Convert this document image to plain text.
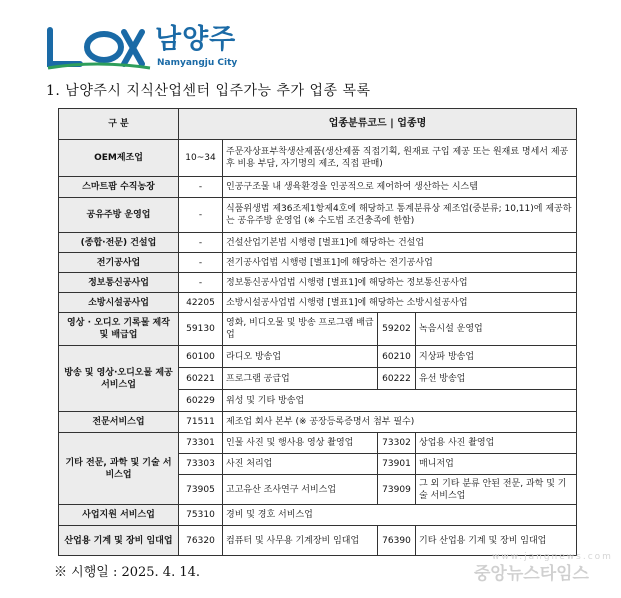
남양주
Namyangju City
1. 남양주시 지식산업센터 입주가능 추가 업종 목록
구 분	업종분류코드 | 업종명			
OEM제조업	10~34	주문자상표부착생산제품(생산제품 직접기획, 원재료 구입 제공 또는 원재료 명세서 제공 후 비용 부담, 자기명의 제조, 직접 판매)		
스마트팜 수직농장	-	인공구조물 내 생육환경을 인공적으로 제어하여 생산하는 시스템		
공유주방 운영업	-	식품위생법 제36조제1항제4호에 해당하고 통계분류상 제조업(중분류; 10,11)에 제공하는 공유주방 운영업 (※ 수도법 조건충족에 한함)		
(종합·전문) 건설업	-	건설산업기본법 시행령 [별표1]에 해당하는 건설업		
전기공사업	-	전기공사업법 시행령 [별표1]에 해당하는 전기공사업		
정보통신공사업	-	정보통신공사업법 시행령 [별표1]에 해당하는 정보통신공사업		
소방시설공사업	42205	소방시설공사업법 시행령 [별표1]에 해당하는 소방시설공사업		
영상 · 오디오 기록물 제작 및 배급업	59130	영화, 비디오물 및 방송 프로그램 배급업	59202	녹음시설 운영업
방송 및 영상·오디오물 제공 서비스업	60100	라디오 방송업	60210	지상파 방송업
	60221	프로그램 공급업	60222	유선 방송업
	60229	위성 및 기타 방송업		
전문서비스업	71511	제조업 회사 본부 (※ 공장등록증명서 첨부 필수)		
기타 전문, 과학 및 기술 서비스업	73301	인물 사진 및 행사용 영상 촬영업	73302	상업용 사진 촬영업
	73303	사진 처리업	73901	매니저업
	73905	고고유산 조사연구 서비스업	73909	그 외 기타 분류 안된 전문, 과학 및 기술 서비스업
사업지원 서비스업	75310	경비 및 경호 서비스업		
산업용 기계 및 장비 임대업	76320	컴퓨터 및 사무용 기계장비 임대업	76390	기타 산업용 기계 및 장비 임대업
※ 시행일 : 2025. 4. 14.
www.jangnews.com
중앙뉴스타임스
